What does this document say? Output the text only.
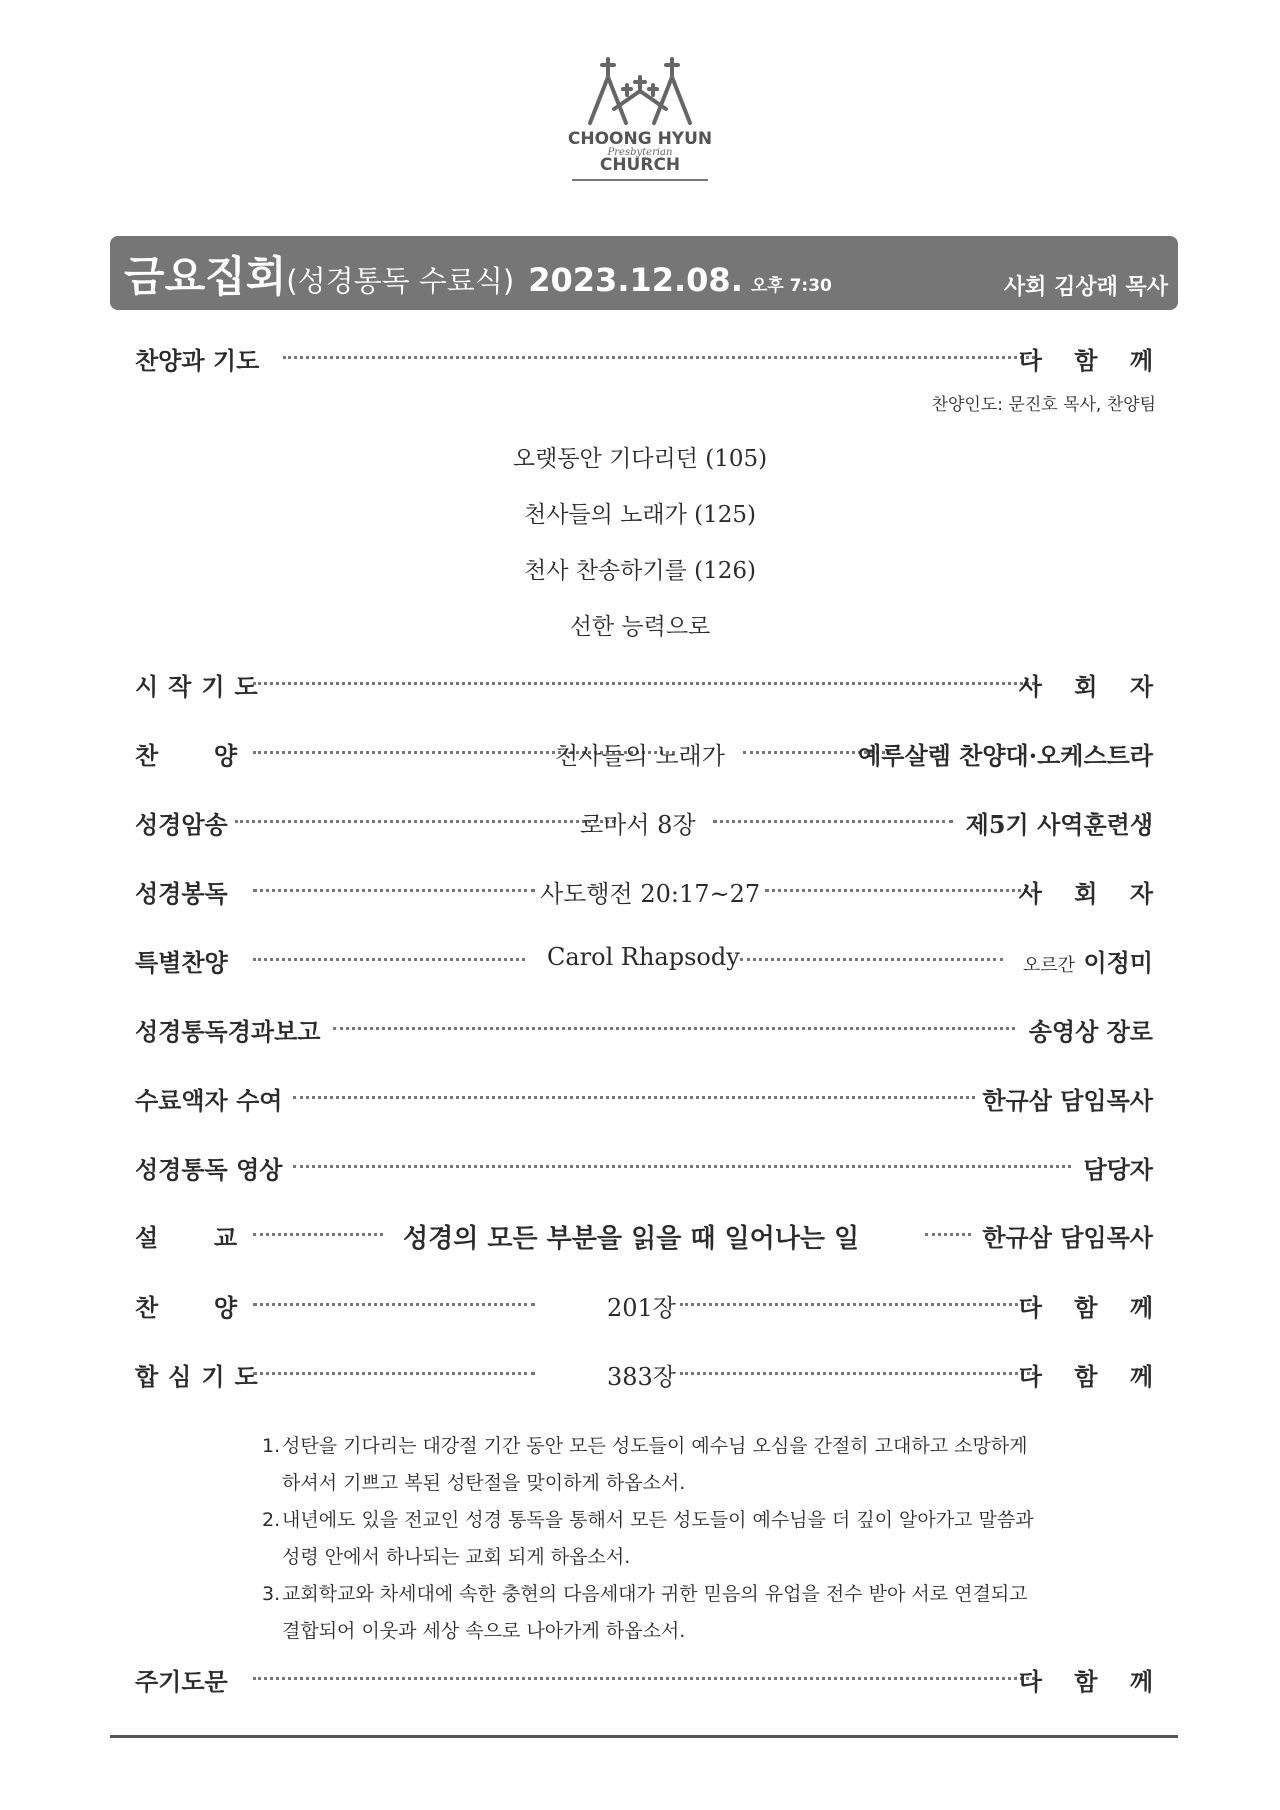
CHOONG HYUN
Presbyterian
CHURCH
금요집회(성경통독 수료식) 2023.12.08. 오후 7:30	사회 김상래 목사
찬양과 기도	다 함 께
찬양인도: 문진호 목사, 찬양팀
오랫동안 기다리던 (105)
천사들의 노래가 (125)
천사 찬송하기를 (126)
선한 능력으로
시작기도	사 회 자
찬 양	천사들의 노래가	예루살렘 찬양대·오케스트라
성경암송	로마서 8장	제5기 사역훈련생
성경봉독	사도행전 20:17~27	사 회 자
특별찬양	Carol Rhapsody	오르간 이정미
성경통독경과보고	송영상 장로
수료액자 수여	한규삼 담임목사
성경통독 영상	담당자
설 교	성경의 모든 부분을 읽을 때 일어나는 일	한규삼 담임목사
찬 양	201장	다 함 께
합심기도	383장	다 함 께
1. 성탄을 기다리는 대강절 기간 동안 모든 성도들이 예수님 오심을 간절히 고대하고 소망하게
하셔서 기쁘고 복된 성탄절을 맞이하게 하옵소서.
2. 내년에도 있을 전교인 성경 통독을 통해서 모든 성도들이 예수님을 더 깊이 알아가고 말씀과
성령 안에서 하나되는 교회 되게 하옵소서.
3. 교회학교와 차세대에 속한 충현의 다음세대가 귀한 믿음의 유업을 전수 받아 서로 연결되고
결합되어 이웃과 세상 속으로 나아가게 하옵소서.
주기도문	다 함 께
